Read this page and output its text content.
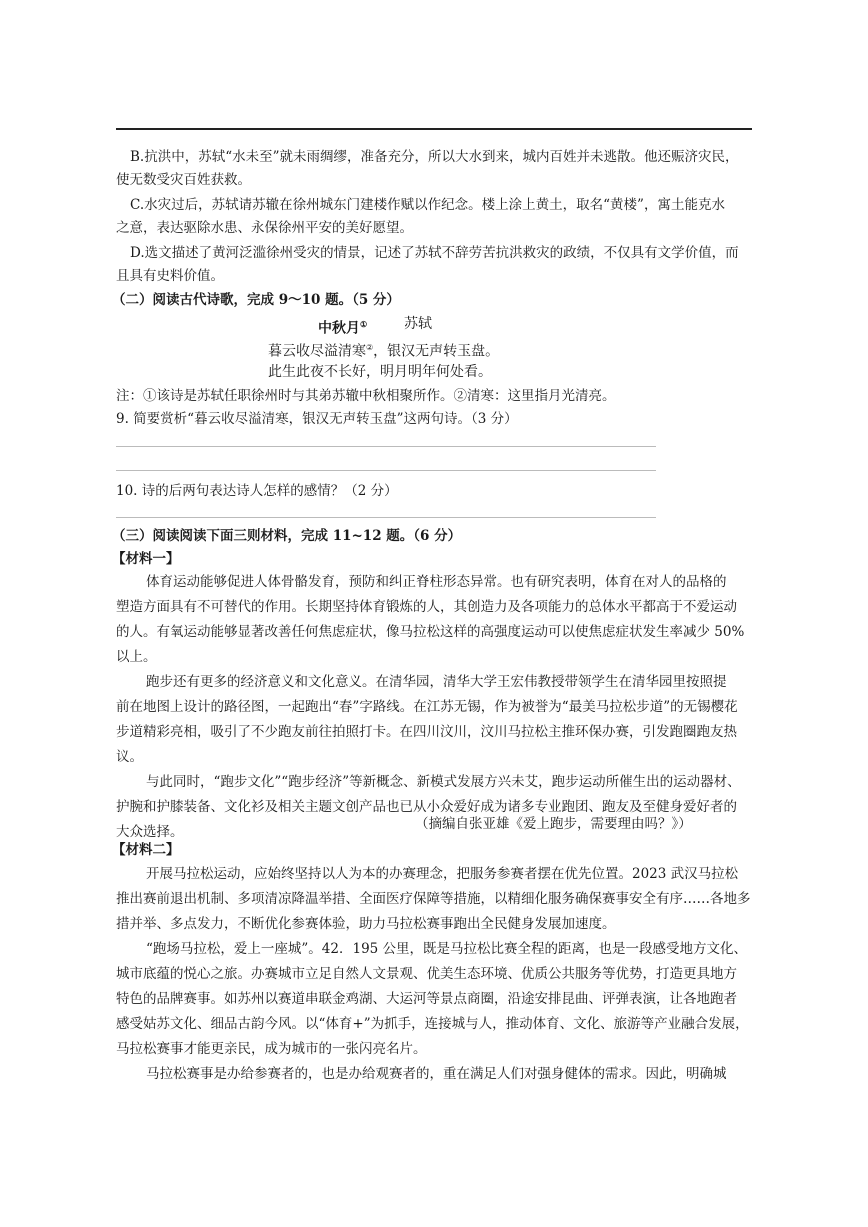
B.抗洪中，苏轼“水未至”就未雨绸缪，准备充分，所以大水到来，城内百姓并未逃散。他还赈济灾民，
使无数受灾百姓获救。
C.水灾过后，苏轼请苏辙在徐州城东门建楼作赋以作纪念。楼上涂上黄土，取名“黄楼”，寓土能克水
之意，表达驱除水患、永保徐州平安的美好愿望。
D.选文描述了黄河泛滥徐州受灾的情景，记述了苏轼不辞劳苦抗洪救灾的政绩，不仅具有文学价值，而
且具有史料价值。
（二）阅读古代诗歌，完成 9～10 题。（5 分）
中秋月①	苏轼
暮云收尽溢清寒②，银汉无声转玉盘。
此生此夜不长好，明月明年何处看。
注：①该诗是苏轼任职徐州时与其弟苏辙中秋相聚所作。②清寒：这里指月光清亮。
9. 简要赏析“暮云收尽溢清寒，银汉无声转玉盘”这两句诗。（3 分）
10. 诗的后两句表达诗人怎样的感情？（2 分）
（三）阅读阅读下面三则材料，完成 11~12 题。（6 分）
【材料一】
体育运动能够促进人体骨骼发育，预防和纠正脊柱形态异常。也有研究表明，体育在对人的品格的
塑造方面具有不可替代的作用。长期坚持体育锻炼的人，其创造力及各项能力的总体水平都高于不爱运动
的人。有氧运动能够显著改善任何焦虑症状，像马拉松这样的高强度运动可以使焦虑症状发生率减少 50%
以上。
跑步还有更多的经济意义和文化意义。在清华园，清华大学王宏伟教授带领学生在清华园里按照提
前在地图上设计的路径图，一起跑出“春”字路线。在江苏无锡，作为被誉为“最美马拉松步道”的无锡樱花
步道精彩亮相，吸引了不少跑友前往拍照打卡。在四川汶川，汶川马拉松主推环保办赛，引发跑圈跑友热
议。
与此同时，“跑步文化”“跑步经济”等新概念、新模式发展方兴未艾，跑步运动所催生出的运动器材、
护腕和护膝装备、文化衫及相关主题文创产品也已从小众爱好成为诸多专业跑团、跑友及至健身爱好者的
大众选择。	（摘编自张亚雄《爱上跑步，需要理由吗？》）
【材料二】
开展马拉松运动，应始终坚持以人为本的办赛理念，把服务参赛者摆在优先位置。2023 武汉马拉松
推出赛前退出机制、多项清凉降温举措、全面医疗保障等措施，以精细化服务确保赛事安全有序……各地多
措并举、多点发力，不断优化参赛体验，助力马拉松赛事跑出全民健身发展加速度。
“跑场马拉松，爱上一座城”。42．195 公里，既是马拉松比赛全程的距离，也是一段感受地方文化、
城市底蕴的悦心之旅。办赛城市立足自然人文景观、优美生态环境、优质公共服务等优势，打造更具地方
特色的品牌赛事。如苏州以赛道串联金鸡湖、大运河等景点商圈，沿途安排昆曲、评弹表演，让各地跑者
感受姑苏文化、细品古韵今风。以“体育+”为抓手，连接城与人，推动体育、文化、旅游等产业融合发展，
马拉松赛事才能更亲民，成为城市的一张闪亮名片。
马拉松赛事是办给参赛者的，也是办给观赛者的，重在满足人们对强身健体的需求。因此，明确城
